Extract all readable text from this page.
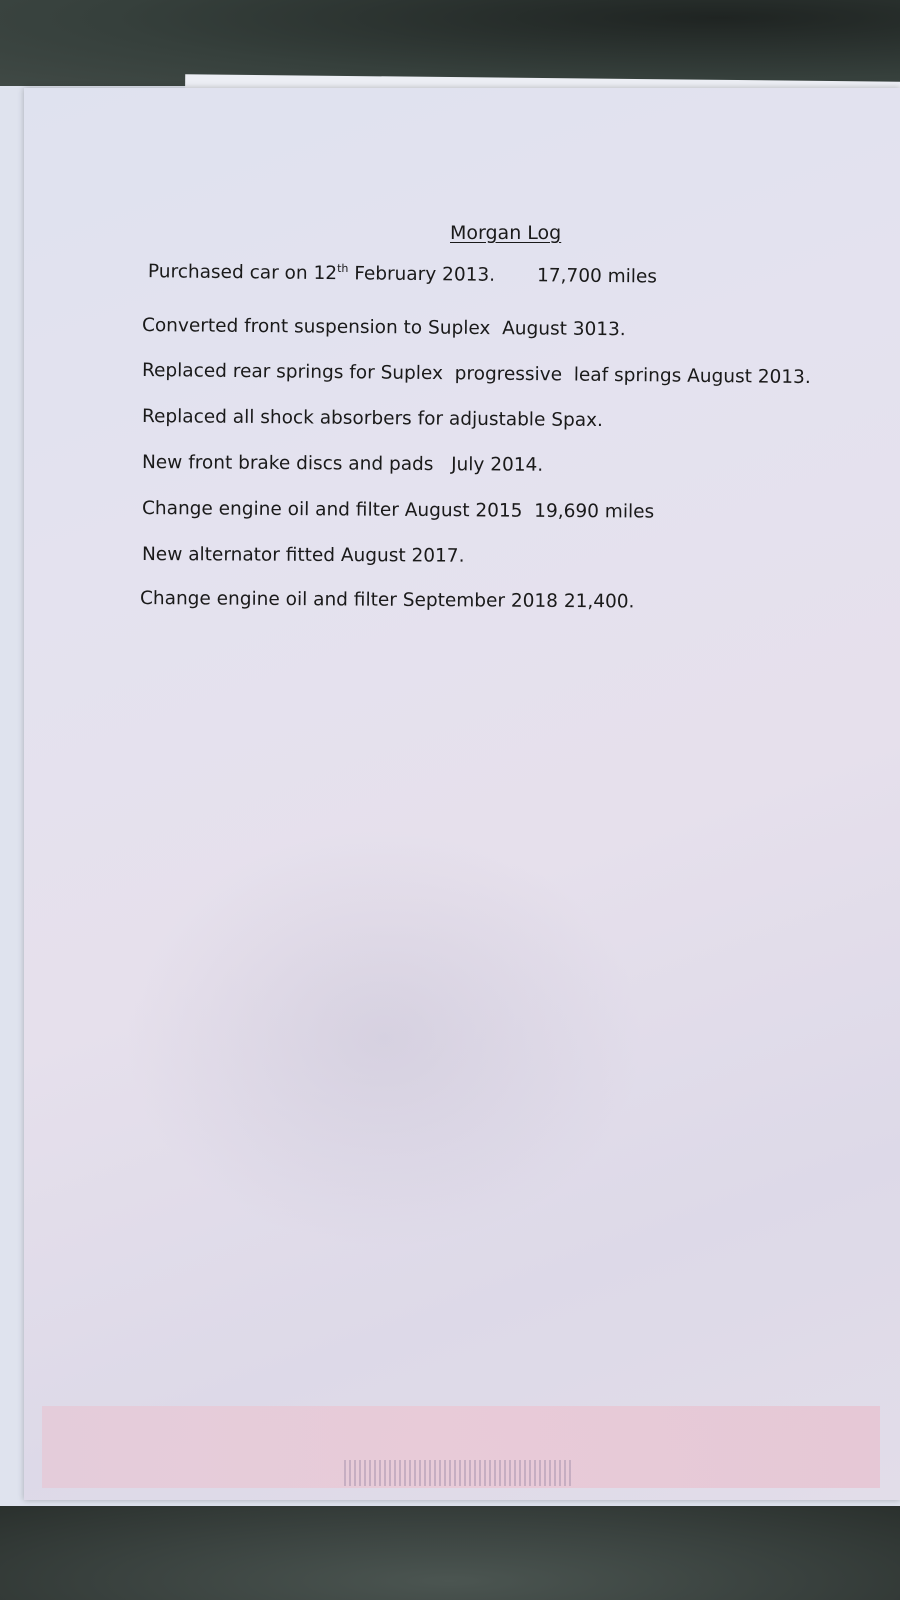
Morgan Log
Purchased car on 12th February 2013. 17,700 miles
Converted front suspension to Suplex  August 3013.
Replaced rear springs for Suplex  progressive  leaf springs August 2013.
Replaced all shock absorbers for adjustable Spax.
New front brake discs and pads   July 2014.
Change engine oil and filter August 2015  19,690 miles
New alternator fitted August 2017.
Change engine oil and filter September 2018 21,400.
